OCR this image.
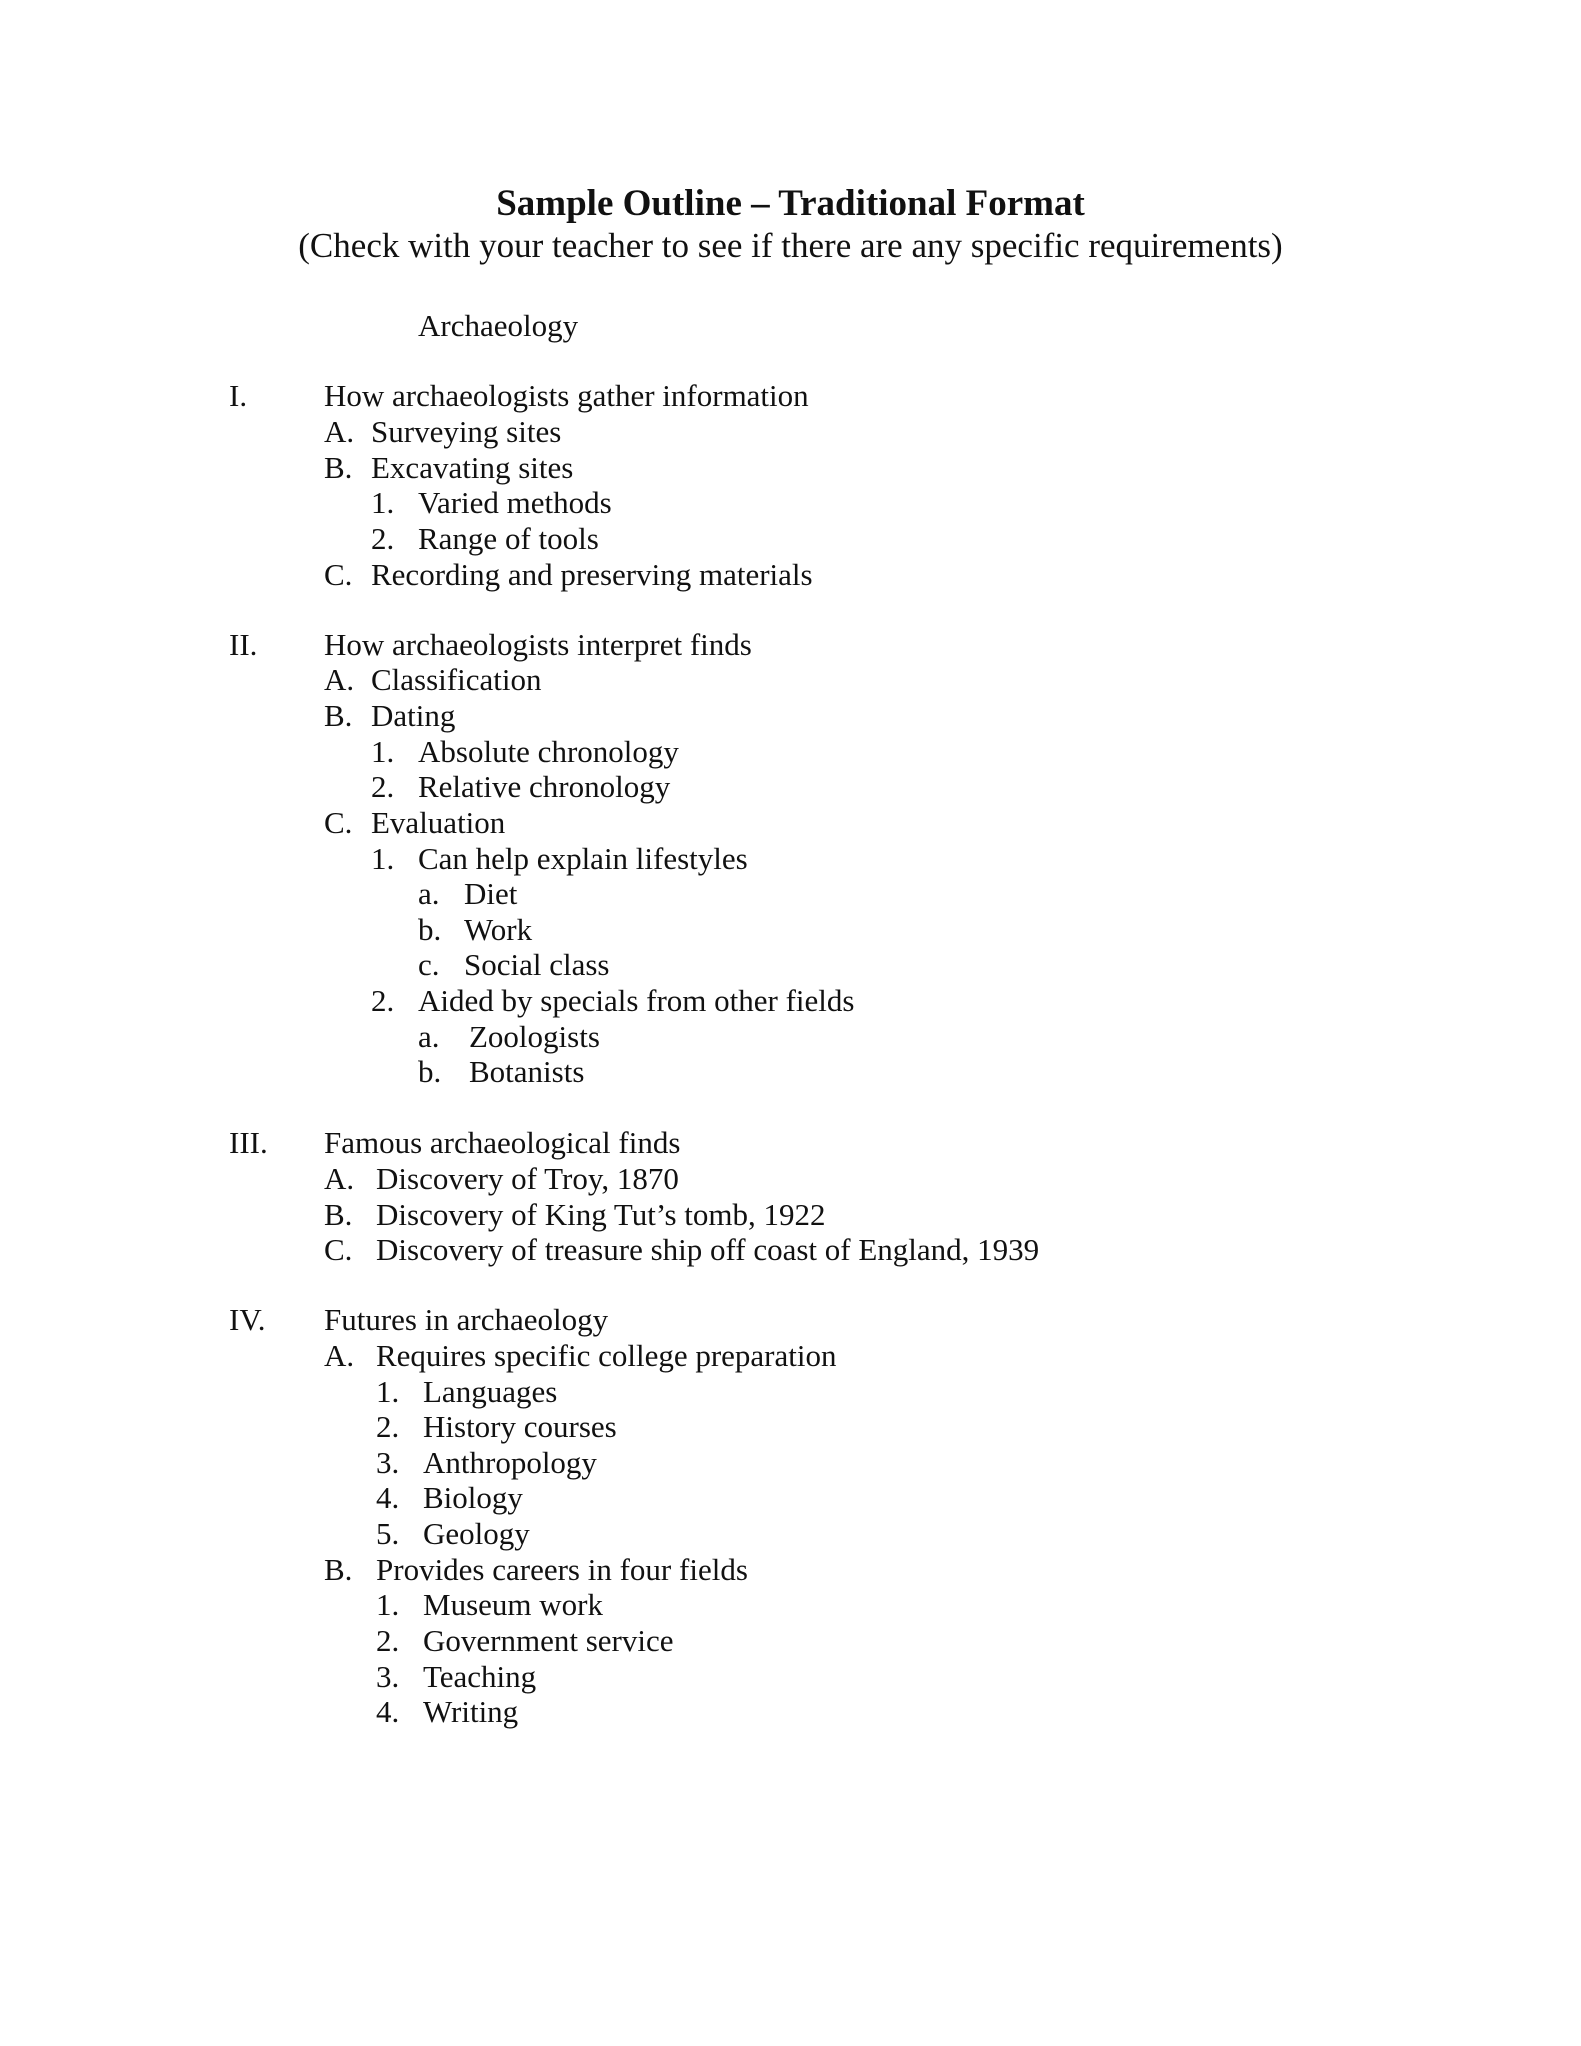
Sample Outline – Traditional Format

(Check with your teacher to see if there are any specific requirements)

Archaeology

I. How archaeologists gather information
A. Surveying sites
B. Excavating sites
1. Varied methods
2. Range of tools
C. Recording and preserving materials
II. How archaeologists interpret finds
A. Classification
B. Dating
1. Absolute chronology
2. Relative chronology
C. Evaluation
1. Can help explain lifestyles
a. Diet
b. Work
c. Social class
2. Aided by specials from other fields
a. Zoologists
b. Botanists
III. Famous archaeological finds
A. Discovery of Troy, 1870
B. Discovery of King Tut’s tomb, 1922
C. Discovery of treasure ship off coast of England, 1939
IV. Futures in archaeology
A. Requires specific college preparation
1. Languages
2. History courses
3. Anthropology
4. Biology
5. Geology
B. Provides careers in four fields
1. Museum work
2. Government service
3. Teaching
4. Writing
